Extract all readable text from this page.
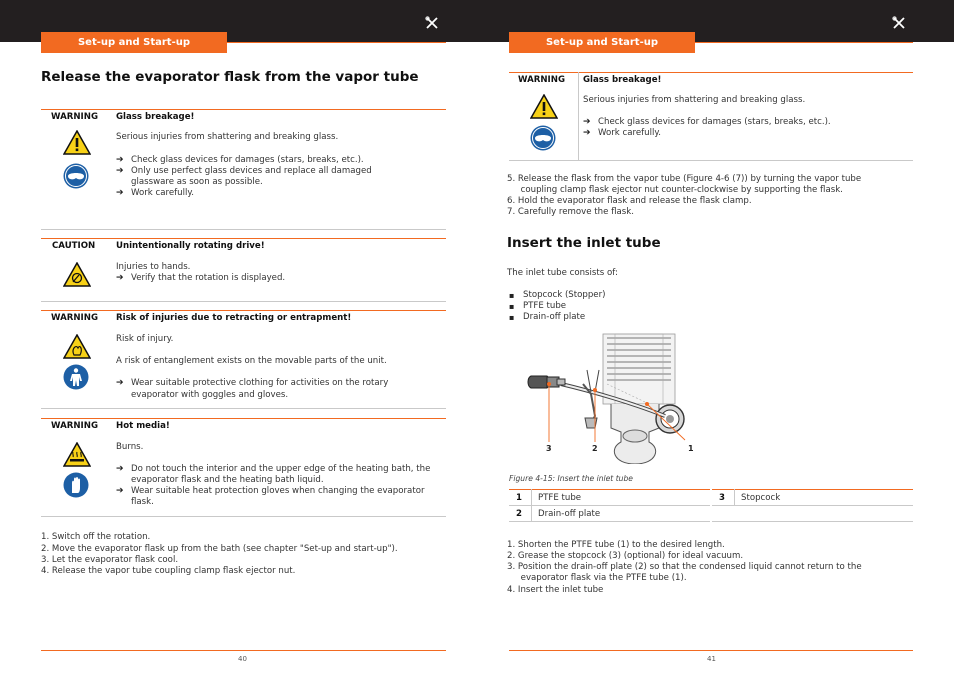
Set-up and Start-up	Set-up and Start-up
Release the evaporator flask from the vapor tube
WARNING Glass breakage!
Serious injuries from shattering and breaking glass.
➔ Check glass devices for damages (stars, breaks, etc.).
➔ Only use perfect glass devices and replace all damaged
glassware as soon as possible.
➔ Work carefully.
CAUTION Unintentionally rotating drive!
Injuries to hands.
➔ Verify that the rotation is displayed.
WARNING Risk of injuries due to retracting or entrapment!
Risk of injury.
A risk of entanglement exists on the movable parts of the unit.
➔ Wear suitable protective clothing for activities on the rotary
evaporator with goggles and gloves.
WARNING Hot media!
Burns.
➔ Do not touch the interior and the upper edge of the heating bath, the
evaporator flask and the heating bath liquid.
➔ Wear suitable heat protection gloves when changing the evaporator
flask.
1. Switch off the rotation.
2. Move the evaporator flask up from the bath (see chapter "Set-up and start-up").
3. Let the evaporator flask cool.
4. Release the vapor tube coupling clamp flask ejector nut.
40
WARNING Glass breakage!
Serious injuries from shattering and breaking glass.
➔ Check glass devices for damages (stars, breaks, etc.).
➔ Work carefully.
5. Release the flask from the vapor tube (Figure 4-6 (7)) by turning the vapor tube
coupling clamp flask ejector nut counter-clockwise by supporting the flask.
6. Hold the evaporator flask and release the flask clamp.
7. Carefully remove the flask.
Insert the inlet tube
The inlet tube consists of:
▪ Stopcock (Stopper)
▪ PTFE tube
▪ Drain-off plate
3	2	1
Figure 4-15: Insert the inlet tube
1 PTFE tube	3 Stopcock
2 Drain-off plate
1. Shorten the PTFE tube (1) to the desired length.
2. Grease the stopcock (3) (optional) for ideal vacuum.
3. Position the drain-off plate (2) so that the condensed liquid cannot return to the
evaporator flask via the PTFE tube (1).
4. Insert the inlet tube
41
